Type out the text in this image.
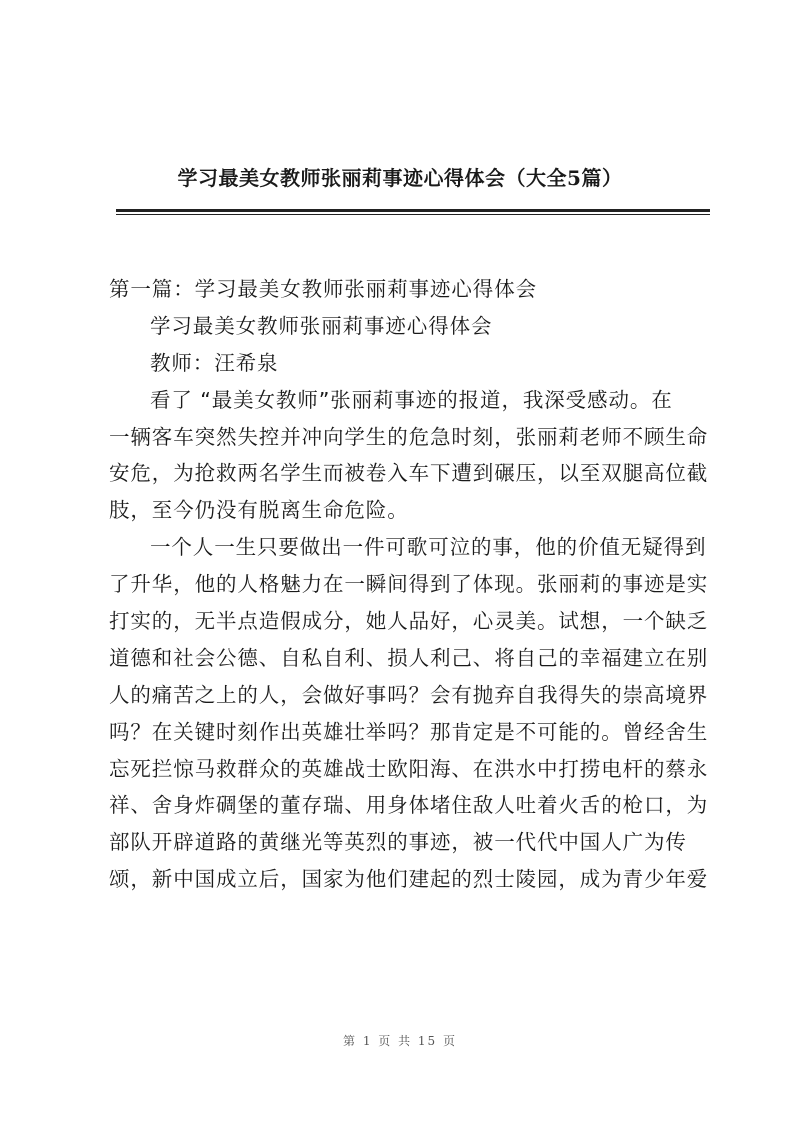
学习最美女教师张丽莉事迹心得体会（大全5篇）
第一篇：学习最美女教师张丽莉事迹心得体会
学习最美女教师张丽莉事迹心得体会
教师：汪希泉
看了 “最美女教师”张丽莉事迹的报道，我深受感动。在
一辆客车突然失控并冲向学生的危急时刻，张丽莉老师不顾生命
安危，为抢救两名学生而被卷入车下遭到碾压，以至双腿高位截
肢，至今仍没有脱离生命危险。
一个人一生只要做出一件可歌可泣的事，他的价值无疑得到
了升华，他的人格魅力在一瞬间得到了体现。张丽莉的事迹是实
打实的，无半点造假成分，她人品好，心灵美。试想，一个缺乏
道德和社会公德、自私自利、损人利己、将自己的幸福建立在别
人的痛苦之上的人，会做好事吗？会有抛弃自我得失的崇高境界
吗？在关键时刻作出英雄壮举吗？那肯定是不可能的。曾经舍生
忘死拦惊马救群众的英雄战士欧阳海、在洪水中打捞电杆的蔡永
祥、舍身炸碉堡的董存瑞、用身体堵住敌人吐着火舌的枪口，为
部队开辟道路的黄继光等英烈的事迹，被一代代中国人广为传
颂，新中国成立后，国家为他们建起的烈士陵园，成为青少年爱
第 1 页 共 15 页
